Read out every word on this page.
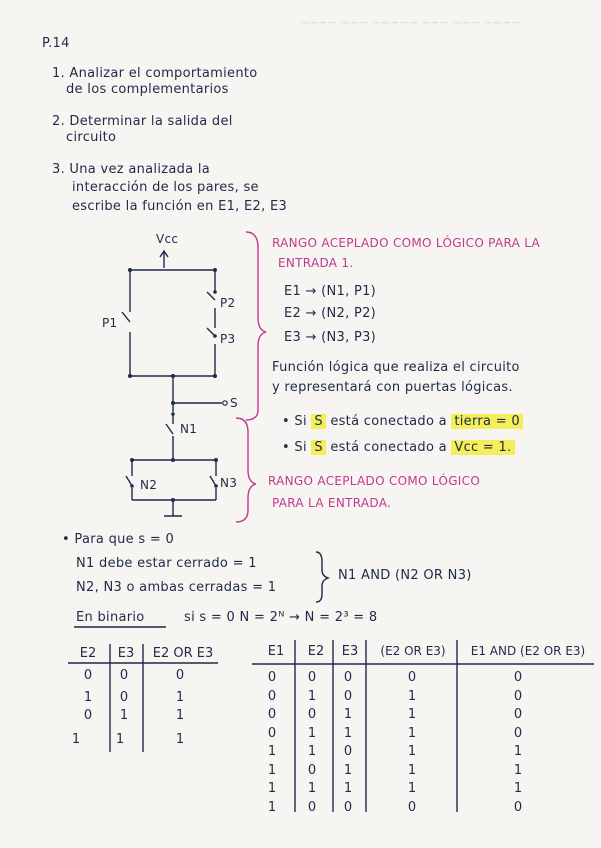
P.14
1. Analizar el comportamiento
de los complementarios
2. Determinar la salida del
circuito
3. Una vez analizada la
interacción de los pares, se
escribe la función en E1, E2, E3
Vcc
P1
P2
P3
S
N1
N2	N3
RANGO ACEPLADO COMO LÓGICO PARA LA
ENTRADA 1.
E1 → (N1, P1)
E2 → (N2, P2)
E3 → (N3, P3)
Función lógica que realiza el circuito
y representará con puertas lógicas.
• Si S está conectado a tierra = 0
• Si S está conectado a Vcc = 1.
RANGO ACEPLADO COMO LÓGICO
PARA LA ENTRADA.
• Para que s = 0
N1 debe estar cerrado = 1
N2, N3 o ambas cerradas = 1
N1 AND (N2 OR N3)
En binario	si s = 0 N = 2ᴺ → N = 2³ = 8
E2	E3	E2 OR E3
0	0	0
1	0	1
0	1	1
1	1	1
E1	E2	E3	(E2 OR E3)	E1 AND (E2 OR E3)
0	0	0	0	0
0	1	0	1	0
0	0	1	1	0
0	1	1	1	0
1	1	0	1	1
1	0	1	1	1
1	1	1	1	1
1	0	0	0	0
~~~~ ~~~ ~~~~~ ~~~ ~~~ ~~~~
